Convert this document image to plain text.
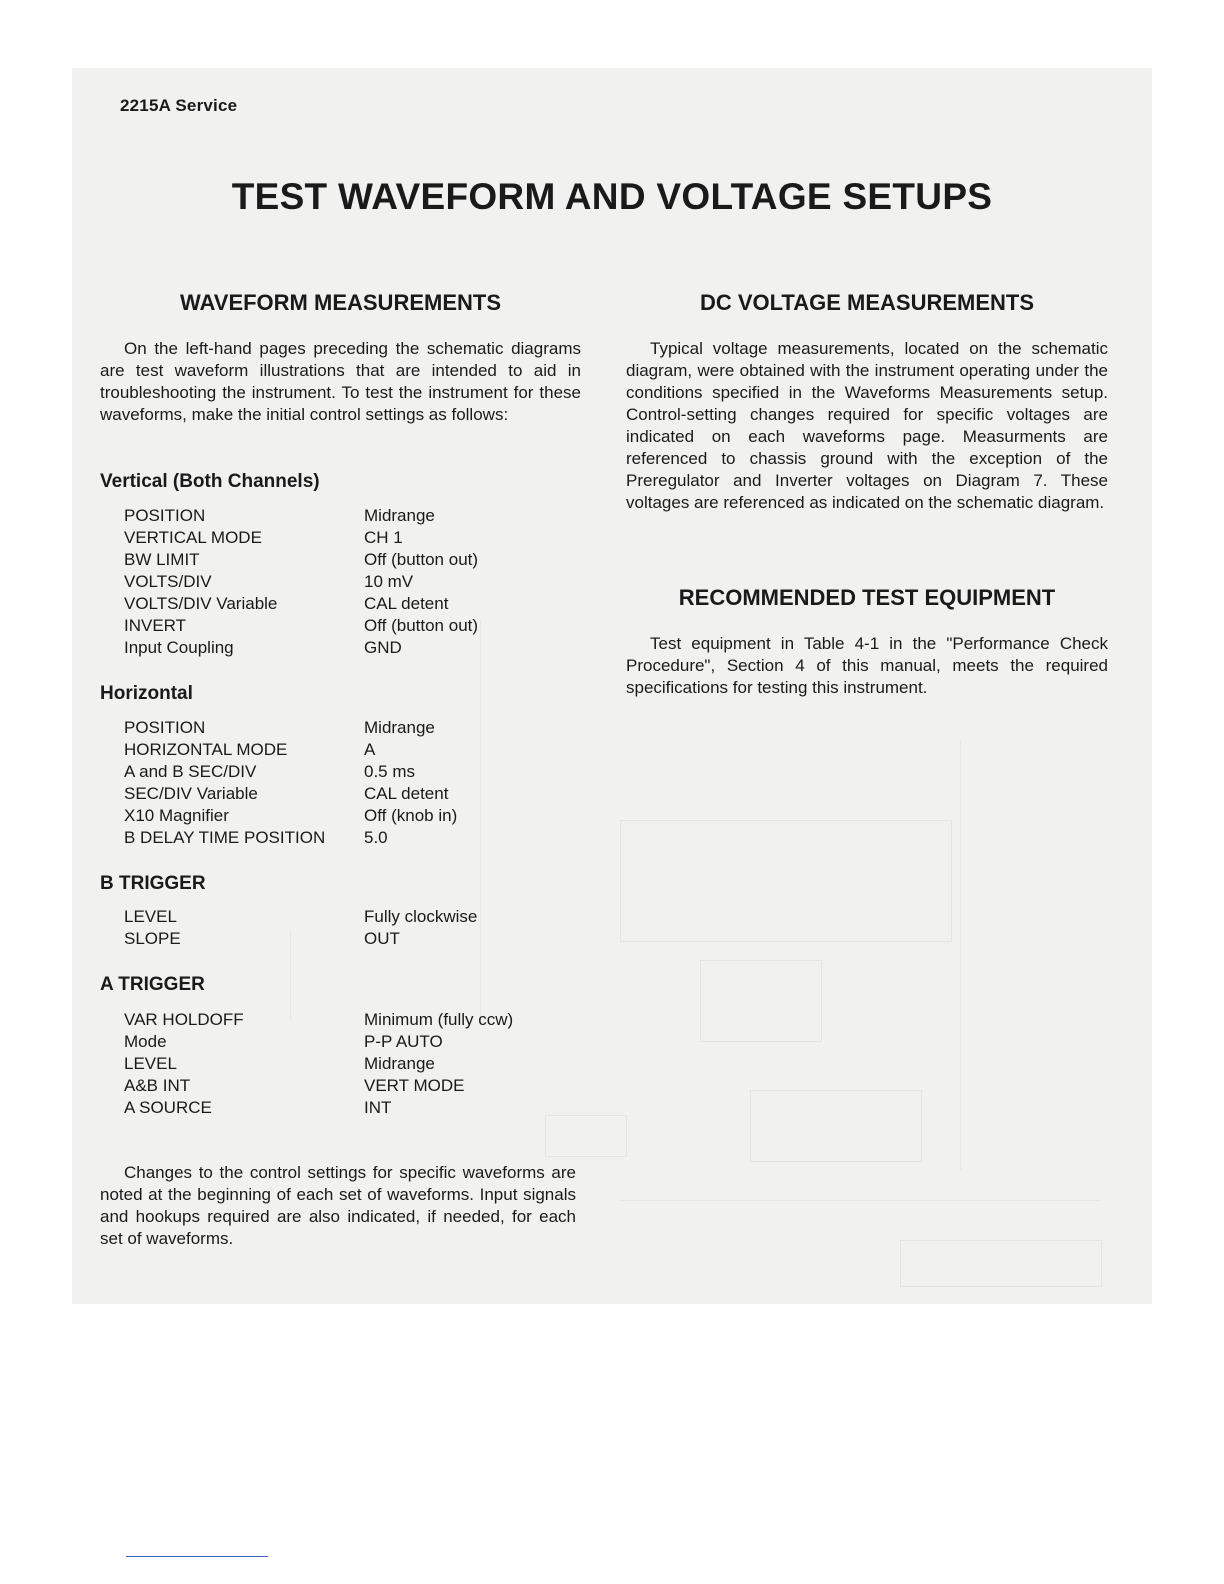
2215A Service
TEST WAVEFORM AND VOLTAGE SETUPS
WAVEFORM MEASUREMENTS

On the left-hand pages preceding the schematic diagrams are test waveform illustrations that are intended to aid in troubleshooting the instrument. To test the instrument for these waveforms, make the initial control settings as follows:

Vertical (Both Channels)
POSITION	Midrange
VERTICAL MODE	CH 1
BW LIMIT	Off (button out)
VOLTS/DIV	10 mV
VOLTS/DIV Variable	CAL detent
INVERT	Off (button out)
Input Coupling	GND
Horizontal
POSITION	Midrange
HORIZONTAL MODE	A
A and B SEC/DIV	0.5 ms
SEC/DIV Variable	CAL detent
X10 Magnifier	Off (knob in)
B DELAY TIME POSITION	5.0
B TRIGGER
LEVEL	Fully clockwise
SLOPE	OUT
A TRIGGER
VAR HOLDOFF	Minimum (fully ccw)
Mode	P-P AUTO
LEVEL	Midrange
A&B INT	VERT MODE
A SOURCE	INT

Changes to the control settings for specific waveforms are noted at the beginning of each set of waveforms. Input signals and hookups required are also indicated, if needed, for each set of waveforms.

DC VOLTAGE MEASUREMENTS

Typical voltage measurements, located on the schematic diagram, were obtained with the instrument operating under the conditions specified in the Waveforms Measurements setup. Control-setting changes required for specific voltages are indicated on each waveforms page. Measurments are referenced to chassis ground with the exception of the Preregulator and Inverter voltages on Diagram 7. These voltages are referenced as indicated on the schematic diagram.

RECOMMENDED TEST EQUIPMENT

Test equipment in Table 4-1 in the "Performance Check Procedure", Section 4 of this manual, meets the required specifications for testing this instrument.
